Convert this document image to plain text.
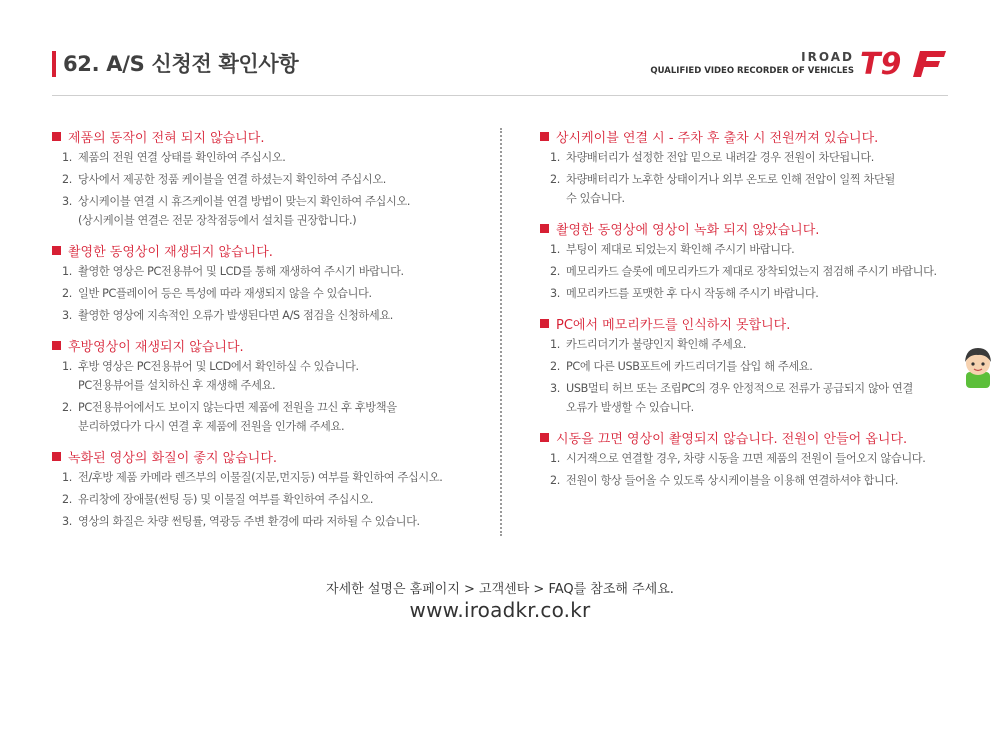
62. A/S 신청전 확인사항	IROAD
QUALIFIED VIDEO RECORDER OF VEHICLES T9
제품의 동작이 전혀 되지 않습니다.
1. 제품의 전원 연결 상태를 확인하여 주십시오.
2. 당사에서 제공한 정품 케이블을 연결 하셨는지 확인하여 주십시오.
3. 상시케이블 연결 시 휴즈케이블 연결 방법이 맞는지 확인하여 주십시오.
(상시케이블 연결은 전문 장착점등에서 설치를 권장합니다.)
촬영한 동영상이 재생되지 않습니다.
1. 촬영한 영상은 PC전용뷰어 및 LCD를 통해 재생하여 주시기 바랍니다.
2. 일반 PC플레이어 등은 특성에 따라 재생되지 않을 수 있습니다.
3. 촬영한 영상에 지속적인 오류가 발생된다면 A/S 점검을 신청하세요.
후방영상이 재생되지 않습니다.
1. 후방 영상은 PC전용뷰어 및 LCD에서 확인하실 수 있습니다.
PC전용뷰어를 설치하신 후 재생해 주세요.
2. PC전용뷰어에서도 보이지 않는다면 제품에 전원을 끄신 후 후방책을
분리하였다가 다시 연결 후 제품에 전원을 인가해 주세요.
녹화된 영상의 화질이 좋지 않습니다.
1. 전/후방 제품 카메라 렌즈부의 이물질(지문,먼지등) 여부를 확인하여 주십시오.
2. 유리창에 장애물(썬팅 등) 및 이물질 여부를 확인하여 주십시오.
3. 영상의 화질은 차량 썬팅률, 역광등 주변 환경에 따라 저하될 수 있습니다.
상시케이블 연결 시 - 주차 후 출차 시 전원꺼져 있습니다.
1. 차량배터리가 설정한 전압 밑으로 내려갈 경우 전원이 차단됩니다.
2. 차량배터리가 노후한 상태이거나 외부 온도로 인해 전압이 일찍 차단될
수 있습니다.
촬영한 동영상에 영상이 녹화 되지 않았습니다.
1. 부팅이 제대로 되었는지 확인해 주시기 바랍니다.
2. 메모리카드 슬롯에 메모리카드가 제대로 장착되었는지 점검해 주시기 바랍니다.
3. 메모리카드를 포맷한 후 다시 작동해 주시기 바랍니다.
PC에서 메모리카드를 인식하지 못합니다.
1. 카드리더기가 불량인지 확인해 주세요.
2. PC에 다른 USB포트에 카드리더기를 삽입 해 주세요.
3. USB멀티 허브 또는 조립PC의 경우 안정적으로 전류가 공급되지 않아 연결
오류가 발생할 수 있습니다.
시동을 끄면 영상이 촬영되지 않습니다. 전원이 안들어 옵니다.
1. 시거잭으로 연결할 경우, 차량 시동을 끄면 제품의 전원이 들어오지 않습니다.
2. 전원이 항상 들어올 수 있도록 상시케이블을 이용해 연결하셔야 합니다.
자세한 설명은 홈페이지 > 고객센타 > FAQ를 참조해 주세요.
www.iroadkr.co.kr
